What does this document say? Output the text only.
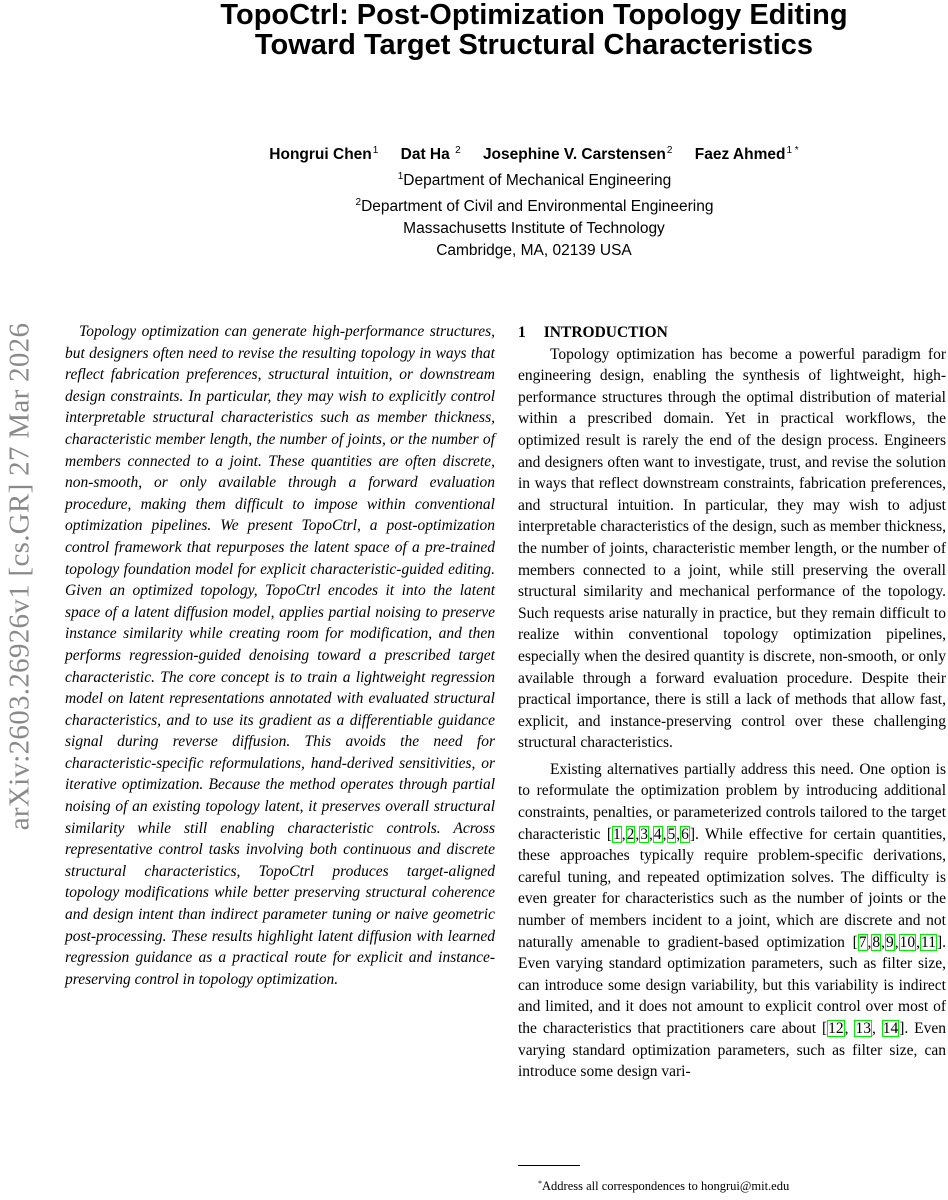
TopoCtrl: Post-Optimization Topology Editing
Toward Target Structural Characteristics
Hongrui Chen$^1$ Dat Ha $^2$ Josephine V. Carstensen$^2$ Faez Ahmed$^{1 *}$
$^1$Department of Mechanical Engineering
$^2$Department of Civil and Environmental Engineering
Massachusetts Institute of Technology
Cambridge, MA, 02139 USA
arXiv:2603.26926v1 [cs.GR] 27 Mar 2026	Topology optimization can generate high-performance structures, but designers often need to revise the resulting topology in ways that reflect fabrication preferences, structural intuition, or downstream design constraints. In particular, they may wish to explicitly control interpretable structural characteristics such as member thickness, characteristic member length, the number of joints, or the number of members connected to a joint. These quantities are often discrete, non-smooth, or only available through a forward evaluation procedure, making them difficult to impose within conventional optimization pipelines. We present TopoCtrl, a post-optimization control framework that repurposes the latent space of a pre-trained topology foundation model for explicit characteristic-guided editing. Given an optimized topology, TopoCtrl encodes it into the latent space of a latent diffusion model, applies partial noising to preserve instance similarity while creating room for modification, and then performs regression-guided denoising toward a prescribed target characteristic. The core concept is to train a lightweight regression model on latent representations annotated with evaluated structural characteristics, and to use its gradient as a differentiable guidance signal during reverse diffusion. This avoids the need for characteristic-specific reformulations, hand-derived sensitivities, or iterative optimization. Because the method operates through partial noising of an existing topology latent, it preserves overall structural similarity while still enabling characteristic controls. Across representative control tasks involving both continuous and discrete structural characteristics, TopoCtrl produces target-aligned topology modifications while better preserving structural coherence and design intent than indirect parameter tuning or naive geometric post-processing. These results highlight latent diffusion with learned regression guidance as a practical route for explicit and instance-preserving control in topology optimization.

1 INTRODUCTION

Topology optimization has become a powerful paradigm for engineering design, enabling the synthesis of lightweight, high-performance structures through the optimal distribution of material within a prescribed domain. Yet in practical workflows, the optimized result is rarely the end of the design process. Engineers and designers often want to investigate, trust, and revise the solution in ways that reflect downstream constraints, fabrication preferences, and structural intuition. In particular, they may wish to adjust interpretable characteristics of the design, such as member thickness, the number of joints, characteristic member length, or the number of members connected to a joint, while still preserving the overall structural similarity and mechanical performance of the topology. Such requests arise naturally in practice, but they remain difficult to realize within conventional topology optimization pipelines, especially when the desired quantity is discrete, non-smooth, or only available through a forward evaluation procedure. Despite their practical importance, there is still a lack of methods that allow fast, explicit, and instance-preserving control over these challenging structural characteristics.

Existing alternatives partially address this need. One option is to reformulate the optimization problem by introducing additional constraints, penalties, or parameterized controls tailored to the target characteristic [1,2,3,4,5,6]. While effective for certain quantities, these approaches typically require problem-specific derivations, careful tuning, and repeated optimization solves. The difficulty is even greater for characteristics such as the number of joints or the number of members incident to a joint, which are discrete and not naturally amenable to gradient-based optimization [7,8,9,10,11]. Even varying standard optimization parameters, such as filter size, can introduce some design variability, but this variability is indirect and limited, and it does not amount to explicit control over most of the characteristics that practitioners care about [12, 13, 14]. Even varying standard optimization parameters, such as filter size, can introduce some design vari-

*Address all correspondences to hongrui@mit.edu
